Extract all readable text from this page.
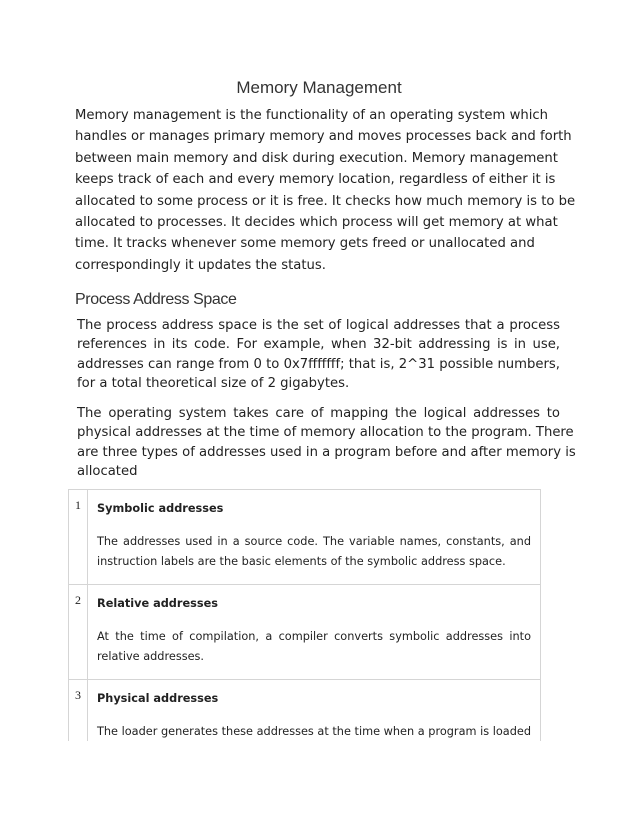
Memory Management
Memory management is the functionality of an operating system which
handles or manages primary memory and moves processes back and forth
between main memory and disk during execution. Memory management
keeps track of each and every memory location, regardless of either it is
allocated to some process or it is free. It checks how much memory is to be
allocated to processes. It decides which process will get memory at what
time. It tracks whenever some memory gets freed or unallocated and
correspondingly it updates the status.
Process Address Space
The process address space is the set of logical addresses that a process
references in its code. For example, when 32-bit addressing is in use,
addresses can range from 0 to 0x7fffffff; that is, 2^31 possible numbers,
for a total theoretical size of 2 gigabytes.
The operating system takes care of mapping the logical addresses to
physical addresses at the time of memory allocation to the program. There
are three types of addresses used in a program before and after memory is
allocated
1	Symbolic addresses
The addresses used in a source code. The variable names, constants, and
instruction labels are the basic elements of the symbolic address space.
2	Relative addresses
At the time of compilation, a compiler converts symbolic addresses into
relative addresses.
3	Physical addresses
The loader generates these addresses at the time when a program is loaded
